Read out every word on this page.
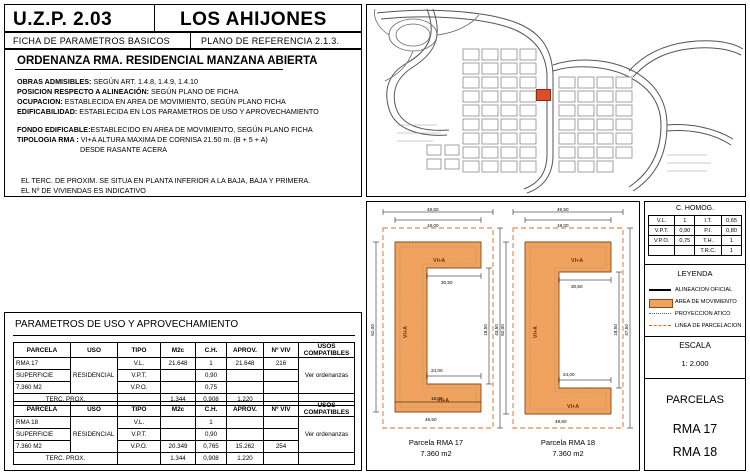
U.Z.P. 2.03	LOS AHIJONES
FICHA DE PARAMETROS BASICOS	PLANO DE REFERENCIA 2.1.3.
ORDENANZA RMA. RESIDENCIAL MANZANA ABIERTA
OBRAS ADMISIBLES: SEGÚN ART. 1.4.8, 1.4.9, 1.4.10
POSICION RESPECTO A ALINEACIÓN: SEGÚN PLANO DE FICHA
OCUPACION: ESTABLECIDA EN AREA DE MOVIMIENTO, SEGÚN PLANO FICHA
EDIFICABILIDAD: ESTABLECIDA EN LOS PARAMETROS DE USO Y APROVECHAMIENTO
FONDO EDIFICABLE:ESTABLECIDO EN AREA DE MOVIMIENTO, SEGÚN PLANO FICHA
TIPOLOGIA RMA : VI+A ALTURA MAXIMA DE CORNISA 21.50 m. (B + 5 + A)
DESDE RASANTE ACERA
EL TERC. DE PROXIM. SE SITUA EN PLANTA INFERIOR A LA BAJA, BAJA Y PRIMERA.
EL Nº DE VIVIENDAS ES INDICATIVO
PARAMETROS DE USO Y APROVECHAMIENTO
PARCELA	USO	TIPO	M2c	C.H.	APROV.	Nº VIV	USOS COMPATIBLES
RMA 17	RESIDENCIAL	V.L.	21.648	1	21.648	216	Ver ordenanzas
SUPERFICIE		V.P.T.		0,90			
7.360 M2		V.P.O.		0,75			
TERC. PROX.			1.344	0,908	1.220		
PARCELA	USO	TIPO	M2c	C.H.	APROV.	Nº VIV	USOS COMPATIBLES
RMA 18	RESIDENCIAL	V.L.		1			Ver ordenanzas
SUPERFICIE		V.P.T.		0,90			
7.360 M2		V.P.O.	20.349	0,765	15.262	254	
TERC. PROX.			1.344	0,908	1.220		
49,50
18,00
62,00	43,50
18,50
30,50
24,00
18,00
49,50
VI+A
VI+A
VI+A
49,50
18,00
62,00	47,50
18,50
30,50
24,00
49,50
VI+A
VI+A
VI+A
Parcela RMA 17
7.360 m2
Parcela RMA 18
7.360 m2
C. HOMOG.
V.L.	1	I.T.	0,65
V.P.T.	0,90	P.I.	0,80
V.P.O.	0,75	T.H.	1
		T.R.C.	1
LEYENDA
ALINEACION OFICIAL
AREA DE MOVIMIENTO
PROYECCION ATICO
LINEA DE PARCELACION
ESCALA
1: 2.000
PARCELAS
RMA 17
RMA 18
